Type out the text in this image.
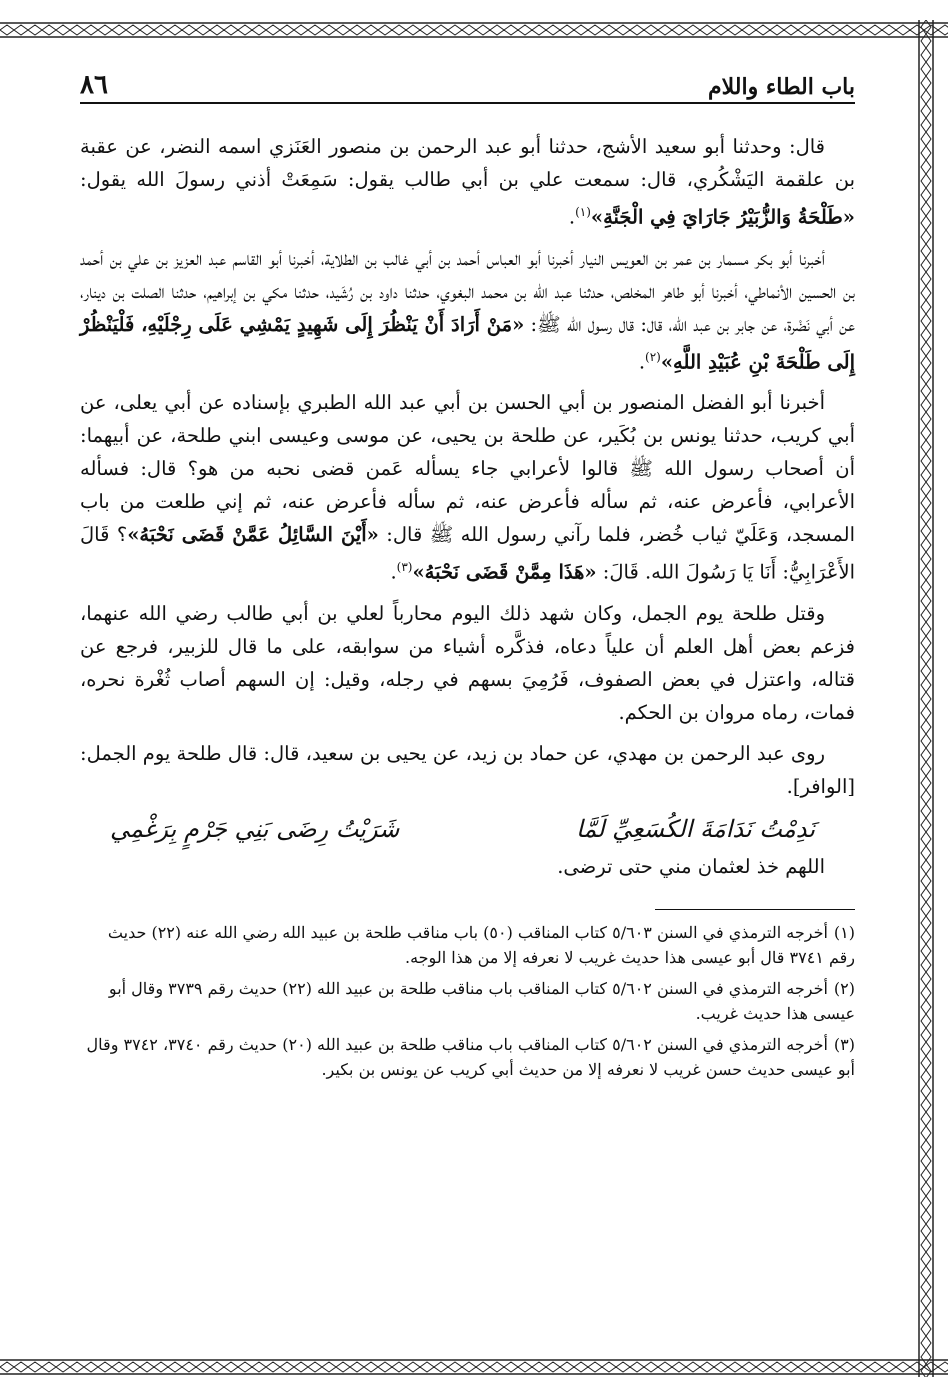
باب الطاء واللام
٨٦

قال: وحدثنا أبو سعيد الأشج، حدثنا أبو عبد الرحمن بن منصور العَنَزي اسمه النضر، عن عقبة بن علقمة اليَشْكُري، قال: سمعت علي بن أبي طالب يقول: سَمِعَتْ أذني رسولَ الله يقول: «طَلْحَةُ وَالزُّبَيْرُ جَارَايَ فِي الْجَنَّةِ»$^{(١)}$.

أخبرنا أبو بكر مسمار بن عمر بن العويس النيار أخبرنا أبو العباس أحمد بن أبي غالب بن الطلاية، أخبرنا أبو القاسم عبد العزيز بن علي بن أحمد بن الحسين الأنماطي، أخبرنا أبو طاهر المخلص، حدثنا عبد الله بن محمد البغوي، حدثنا داود بن رُشَيد، حدثنا مكي بن إبراهيم، حدثنا الصلت بن دينار، عن أبي نَضْرة، عن جابر بن عبد الله، قال: قال رسول الله ﷺ: «مَنْ أَرَادَ أَنْ يَنْظُرَ إِلَى شَهِيدٍ يَمْشِي عَلَى رِجْلَيْهِ، فَلْيَنْظُرْ إِلَى طَلْحَةَ بْنِ عُبَيْدِ اللَّهِ»$^{(٢)}$.

أخبرنا أبو الفضل المنصور بن أبي الحسن بن أبي عبد الله الطبري بإسناده عن أبي يعلى، عن أبي كريب، حدثنا يونس بن بُكَير، عن طلحة بن يحيى، عن موسى وعيسى ابني طلحة، عن أبيهما: أن أصحاب رسول الله ﷺ قالوا لأعرابي جاء يسأله عَمن قضى نحبه من هو؟ قال: فسأله الأعرابي، فأعرض عنه، ثم سأله فأعرض عنه، ثم سأله فأعرض عنه، ثم إني طلعت من باب المسجد، وَعَلَيّ ثياب خُضر، فلما رآني رسول الله ﷺ قال: «أَيْنَ السَّائِلُ عَمَّنْ قَضَى نَحْبَهُ»؟ قَالَ الأَعْرَابِيُّ: أَنَا يَا رَسُولَ الله. قَالَ: «هَذَا مِمَّنْ قَضَى نَحْبَهُ»$^{(٣)}$.

وقتل طلحة يوم الجمل، وكان شهد ذلك اليوم محارباً لعلي بن أبي طالب رضي الله عنهما، فزعم بعض أهل العلم أن علياً دعاه، فذكَّره أشياء من سوابقه، على ما قال للزبير، فرجع عن قتاله، واعتزل في بعض الصفوف، فَرُمِيَ بسهم في رجله، وقيل: إن السهم أصاب ثُغْرة نحره، فمات، رماه مروان بن الحكم.

روى عبد الرحمن بن مهدي، عن حماد بن زيد، عن يحيى بن سعيد، قال: قال طلحة يوم الجمل: [الوافر].

نَدِمْتُ نَدَامَةَ الكُسَعِيِّ لَمَّا
شَرَيْتُ رِضَى بَنِي جَرْمٍ بِرَغْمِي
اللهم خذ لعثمان مني حتى ترضى.
(١)أخرجه الترمذي في السنن ٥/٦٠٣ كتاب المناقب (٥٠) باب مناقب طلحة بن عبيد الله رضي الله عنه (٢٢) حديث رقم ٣٧٤١ قال أبو عيسى هذا حديث غريب لا نعرفه إلا من هذا الوجه.
(٢)أخرجه الترمذي في السنن ٥/٦٠٢ كتاب المناقب باب مناقب طلحة بن عبيد الله (٢٢) حديث رقم ٣٧٣٩ وقال أبو عيسى هذا حديث غريب.
(٣)أخرجه الترمذي في السنن ٥/٦٠٢ كتاب المناقب باب مناقب طلحة بن عبيد الله (٢٠) حديث رقم ٣٧٤٠، ٣٧٤٢ وقال أبو عيسى حديث حسن غريب لا نعرفه إلا من حديث أبي كريب عن يونس بن بكير.
